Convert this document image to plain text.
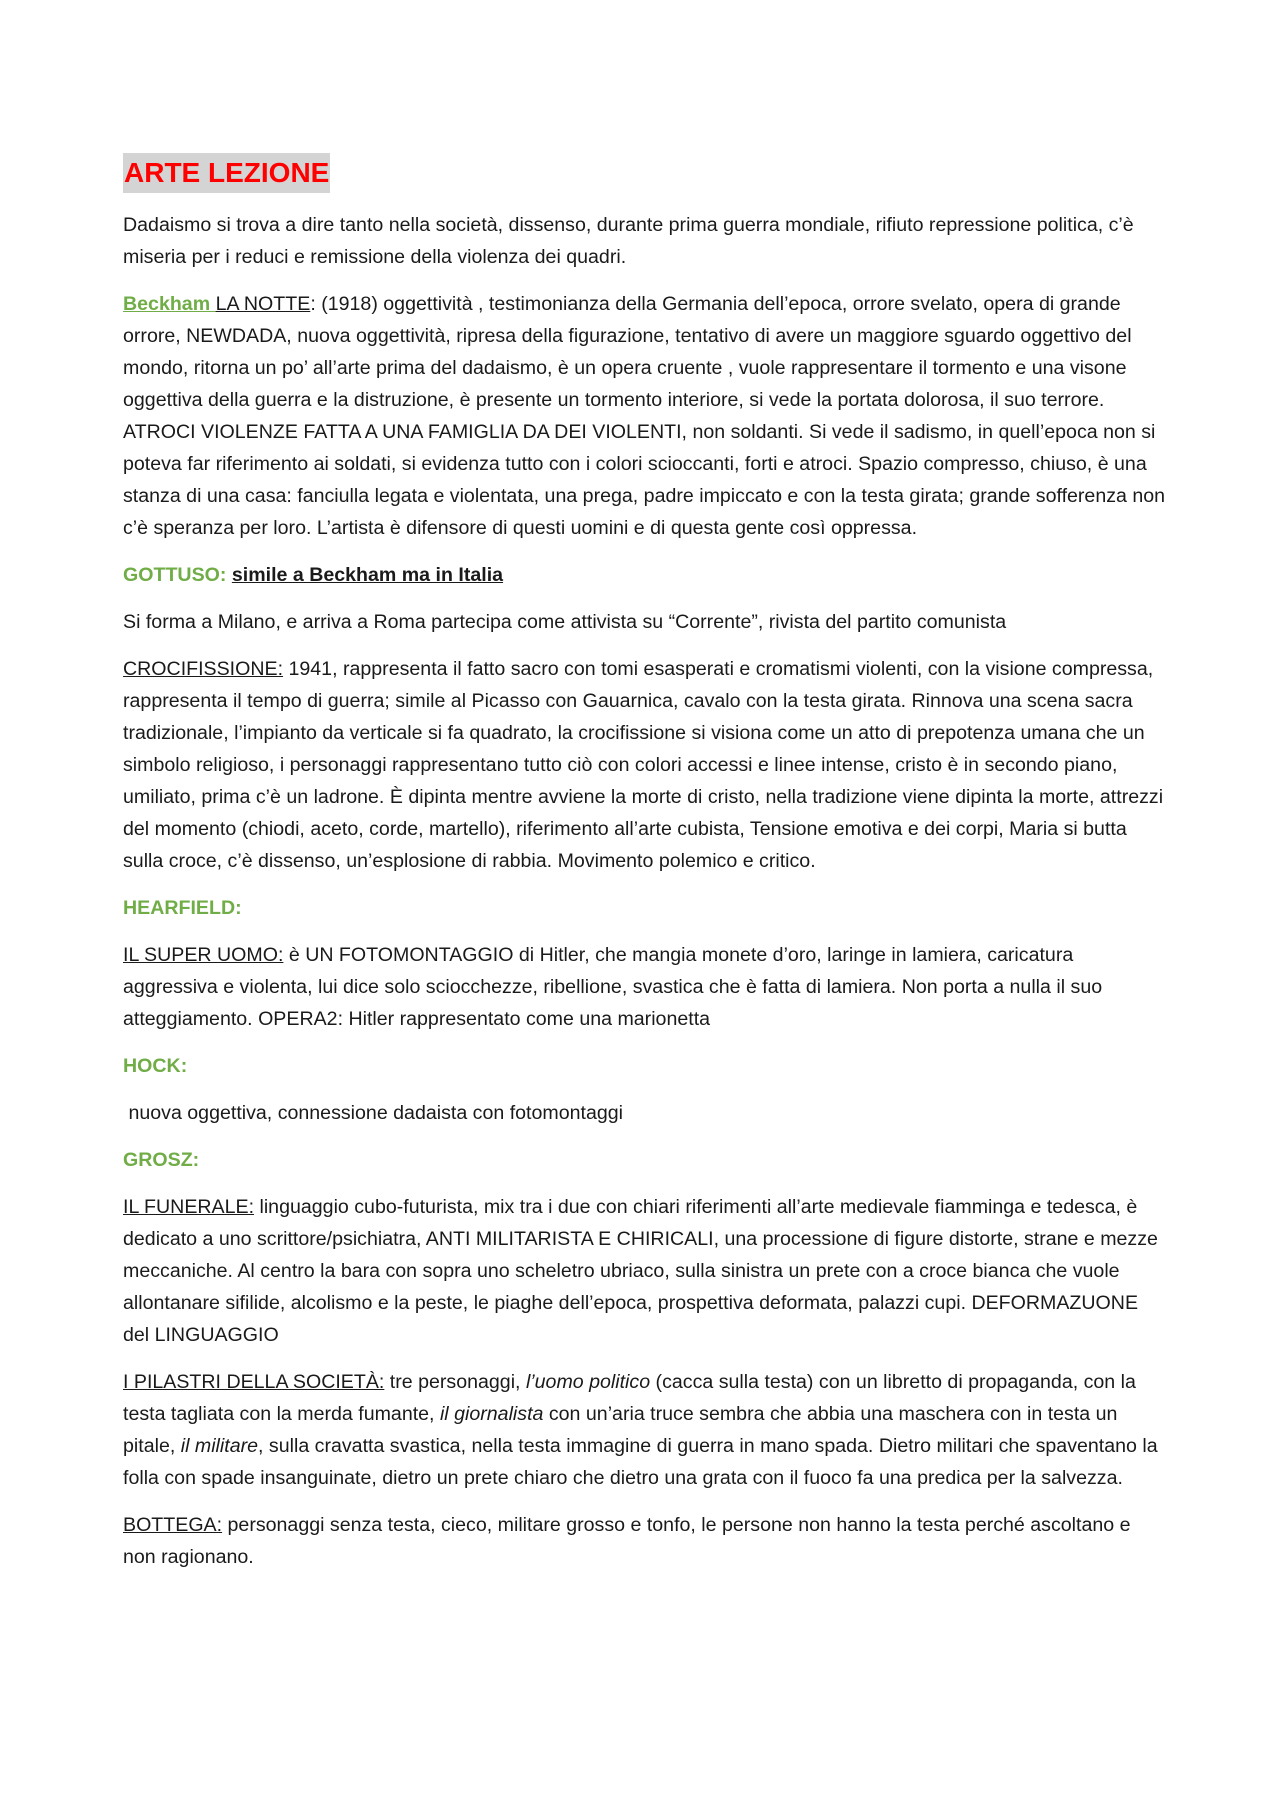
ARTE LEZIONE

Dadaismo si trova a dire tanto nella società, dissenso, durante prima guerra mondiale, rifiuto repressione politica, c’è miseria per i reduci e remissione della violenza dei quadri.

Beckham LA NOTTE: (1918) oggettività , testimonianza della Germania dell’epoca, orrore svelato, opera di grande orrore, NEWDADA, nuova oggettività, ripresa della figurazione, tentativo di avere un maggiore sguardo oggettivo del mondo, ritorna un po’ all’arte prima del dadaismo, è un opera cruente , vuole rappresentare il tormento e una visone oggettiva della guerra e la distruzione, è presente un tormento interiore, si vede la portata dolorosa, il suo terrore. ATROCI VIOLENZE FATTA A UNA FAMIGLIA DA DEI VIOLENTI, non soldanti. Si vede il sadismo, in quell’epoca non si poteva far riferimento ai soldati, si evidenza tutto con i colori scioccanti, forti e atroci. Spazio compresso, chiuso, è una stanza di una casa: fanciulla legata e violentata, una prega, padre impiccato e con la testa girata; grande sofferenza non c’è speranza per loro. L’artista è difensore di questi uomini e di questa gente così oppressa.

GOTTUSO: simile a Beckham ma in Italia

Si forma a Milano, e arriva a Roma partecipa come attivista su “Corrente”, rivista del partito comunista

CROCIFISSIONE: 1941, rappresenta il fatto sacro con tomi esasperati e cromatismi violenti, con la visione compressa, rappresenta il tempo di guerra; simile al Picasso con Gauarnica, cavalo con la testa girata. Rinnova una scena sacra tradizionale, l’impianto da verticale si fa quadrato, la crocifissione si visiona come un atto di prepotenza umana che un simbolo religioso, i personaggi rappresentano tutto ciò con colori accessi e linee intense, cristo è in secondo piano, umiliato, prima c’è un ladrone. È dipinta mentre avviene la morte di cristo, nella tradizione viene dipinta la morte, attrezzi del momento (chiodi, aceto, corde, martello), riferimento all’arte cubista, Tensione emotiva e dei corpi, Maria si butta sulla croce, c’è dissenso, un’esplosione di rabbia. Movimento polemico e critico.

HEARFIELD:

IL SUPER UOMO: è UN FOTOMONTAGGIO di Hitler, che mangia monete d’oro, laringe in lamiera, caricatura aggressiva e violenta, lui dice solo sciocchezze, ribellione, svastica che è fatta di lamiera. Non porta a nulla il suo atteggiamento. OPERA2: Hitler rappresentato come una marionetta

HOCK:

nuova oggettiva, connessione dadaista con fotomontaggi

GROSZ:

IL FUNERALE: linguaggio cubo-futurista, mix tra i due con chiari riferimenti all’arte medievale fiamminga e tedesca, è dedicato a uno scrittore/psichiatra, ANTI MILITARISTA E CHIRICALI, una processione di figure distorte, strane e mezze meccaniche. Al centro la bara con sopra uno scheletro ubriaco, sulla sinistra un prete con a croce bianca che vuole allontanare sifilide, alcolismo e la peste, le piaghe dell’epoca, prospettiva deformata, palazzi cupi. DEFORMAZUONE del LINGUAGGIO

I PILASTRI DELLA SOCIETÀ: tre personaggi, l’uomo politico (cacca sulla testa) con un libretto di propaganda, con la testa tagliata con la merda fumante, il giornalista con un’aria truce sembra che abbia una maschera con in testa un pitale, il militare, sulla cravatta svastica, nella testa immagine di guerra in mano spada. Dietro militari che spaventano la folla con spade insanguinate, dietro un prete chiaro che dietro una grata con il fuoco fa una predica per la salvezza.

BOTTEGA: personaggi senza testa, cieco, militare grosso e tonfo, le persone non hanno la testa perché ascoltano e non ragionano.
